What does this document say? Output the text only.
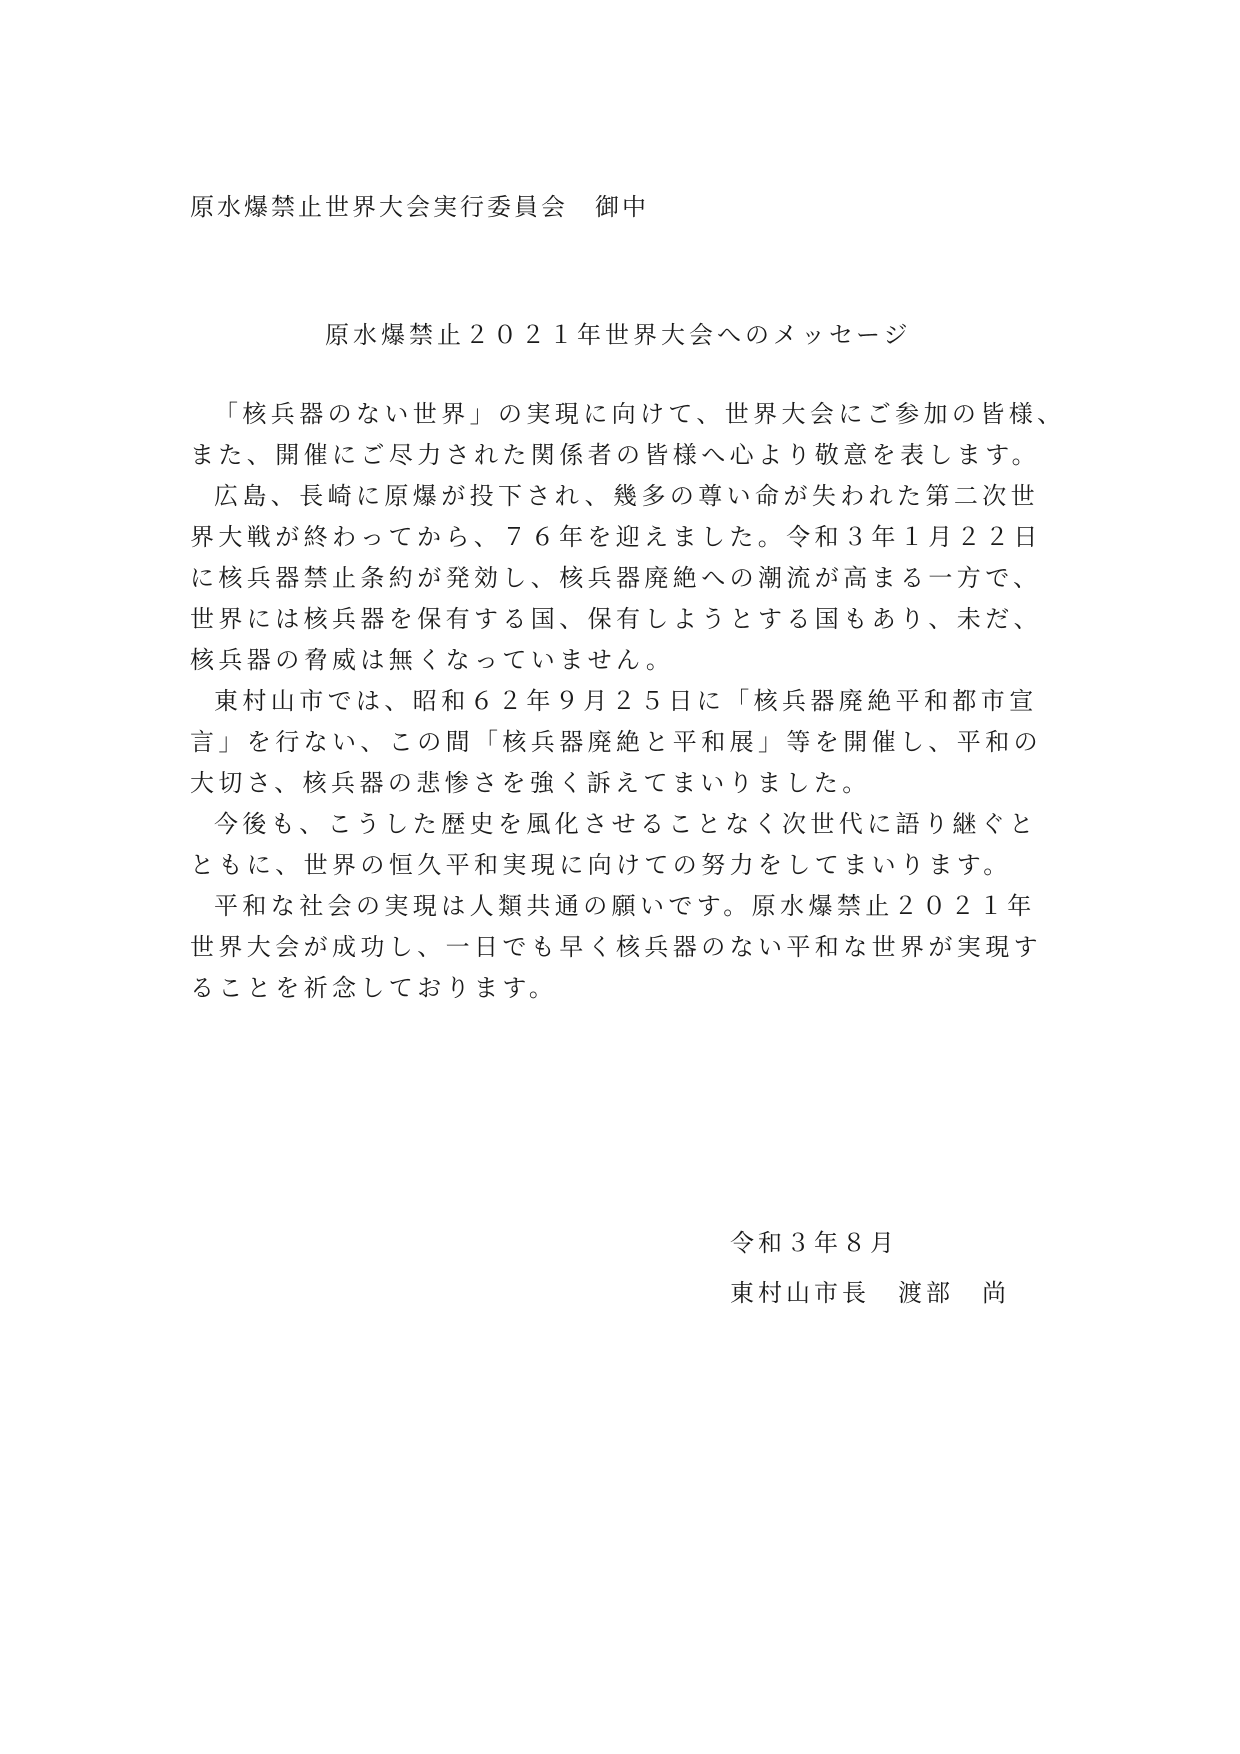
原水爆禁止世界大会実行委員会　御中
原水爆禁止２０２１年世界大会へのメッセージ
「核兵器のない世界」の実現に向けて、世界大会にご参加の皆様、
また、開催にご尽力された関係者の皆様へ心より敬意を表します。
広島、長崎に原爆が投下され、幾多の尊い命が失われた第二次世
界大戦が終わってから、７６年を迎えました。令和３年１月２２日
に核兵器禁止条約が発効し、核兵器廃絶への潮流が高まる一方で、
世界には核兵器を保有する国、保有しようとする国もあり、未だ、
核兵器の脅威は無くなっていません。
東村山市では、昭和６２年９月２５日に「核兵器廃絶平和都市宣
言」を行ない、この間「核兵器廃絶と平和展」等を開催し、平和の
大切さ、核兵器の悲惨さを強く訴えてまいりました。
今後も、こうした歴史を風化させることなく次世代に語り継ぐと
ともに、世界の恒久平和実現に向けての努力をしてまいります。
平和な社会の実現は人類共通の願いです。原水爆禁止２０２１年
世界大会が成功し、一日でも早く核兵器のない平和な世界が実現す
ることを祈念しております。
令和３年８月
東村山市長　渡部　尚
